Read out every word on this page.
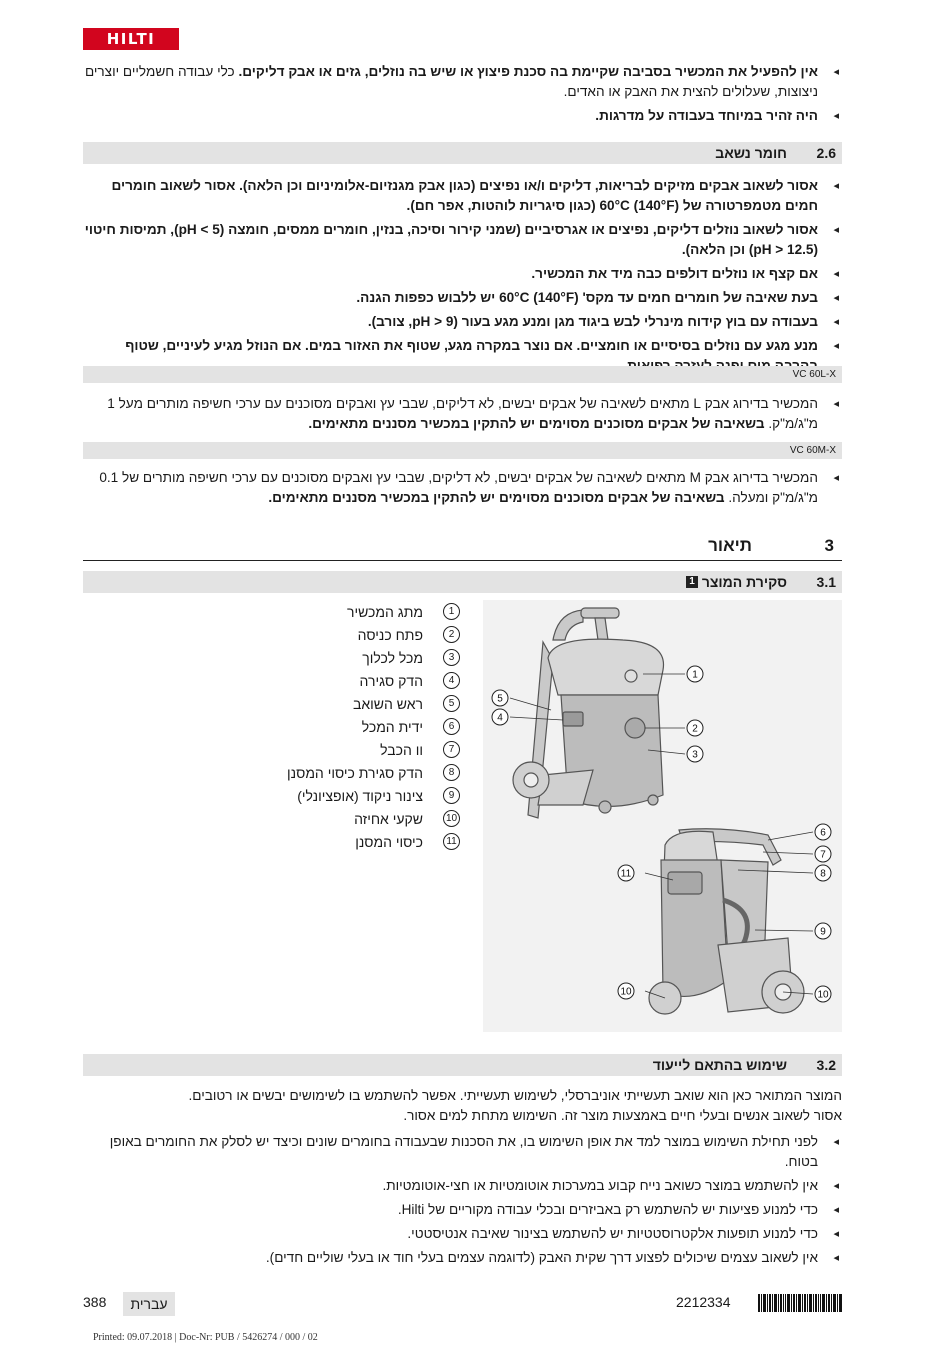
HILTI
◂ אין להפעיל את המכשיר בסביבה שקיימת בה סכנת פיצוץ או שיש בה נוזלים, גזים או אבק דליקים. כלי עבודה חשמליים יוצרים ניצוצות, שעלולים להצית את האבק או האדים.
◂ היה זהיר במיוחד בעבודה על מדרגות.
2.6
חומר נשאב
◂ אסור לשאוב אבקים מזיקים לבריאות, דליקים ו/או נפיצים (כגון אבק מגנזיום-אלומיניום וכן הלאה). אסור לשאוב חומרים חמים מטמפרטורה של 60°C (140°F) (כגון סיגריות לוהטות, אפר חם).
◂ אסור לשאוב נוזלים דליקים, נפיצים או אגרסיביים (שמני קירור וסיכה, בנזין, חומרים ממסים, חומצה (pH < 5), תמיסות חיטוי (pH > 12.5) וכן הלאה).
◂ אם קצף או נוזלים דולפים כבה מיד את המכשיר.
◂ בעת שאיבה של חומרים חמים עד מקס' 60°C (140°F) יש ללבוש כפפות הגנה.
◂ בעבודה עם בוץ קידוח מינרלי לבש ביגוד מגן ומנע מגע בעור (pH > 9, צורב).
◂ מנע מגע עם נוזלים בסיסיים או חומציים. אם נוצר במקרה מגע, שטוף את האזור במים. אם הנוזל מגיע לעיניים, שטוף
VC 60L-X
◂ המכשיר בדירוג אבק L מתאים לשאיבה של אבקים יבשים, לא דליקים, שבבי עץ ואבקים מסוכנים עם ערכי חשיפה מותרים מעל 1 מ"ג/מ"ק. בשאיבה של אבקים מסוכנים מסוימים יש להתקין במכשיר מסננים מתאימים.
VC 60M-X
◂ המכשיר בדירוג אבק M מתאים לשאיבה של אבקים יבשים, לא דליקים, שבבי עץ ואבקים מסוכנים עם ערכי חשיפה מותרים של 0.1 מ"ג/מ"ק ומעלה. בשאיבה של אבקים מסוכנים מסוימים יש להתקין במכשיר מסננים מתאימים.
3
תיאור
3.1
סקירת המוצר
1
1
מתג המכשיר
2
פתח כניסה
3
מכל לכלוך
4
הדק סגירה
5
ראש השואב
6
ידית המכל
7
וו הכבל
8
הדק סגירת כיסוי המסנן
9
צינור ניקוד (אופציונלי)
10
שקעי אחיזה
11
כיסוי המסנן
1
2
3
4
5
6
7
8
9
10
10
11
3.2
שימוש בהתאם לייעוד

המוצר המתואר כאן הוא שואב תעשייתי אוניברסלי, לשימוש תעשייתי. אפשר להשתמש בו לשימושים יבשים או רטובים.

אסור לשאוב אנשים ובעלי חיים באמצעות מוצר זה. השימוש מתחת למים אסור.

◂ לפני תחילת השימוש במוצר למד את אופן השימוש בו, את הסכנות שבעבודה בחומרים שונים וכיצד יש לסלק את החומרים באופן בטוח.
◂ אין להשתמש במוצר כשואב נייח קבוע במערכות אוטומטיות או חצי-אוטומטיות.
◂ כדי למנוע פציעות יש להשתמש רק באביזרים ובכלי עבודה מקוריים של Hilti.
◂ כדי למנוע תופעות אלקטרוסטטיות יש להשתמש בצינור שאיבה אנטיסטטי.
◂ אין לשאוב עצמים שיכולים לפצוע דרך שקית האבק (לדוגמה עצמים בעלי חוד או בעלי שוליים חדים).
388	עברית	2212334
Printed: 09.07.2018 | Doc-Nr: PUB / 5426274 / 000 / 02
